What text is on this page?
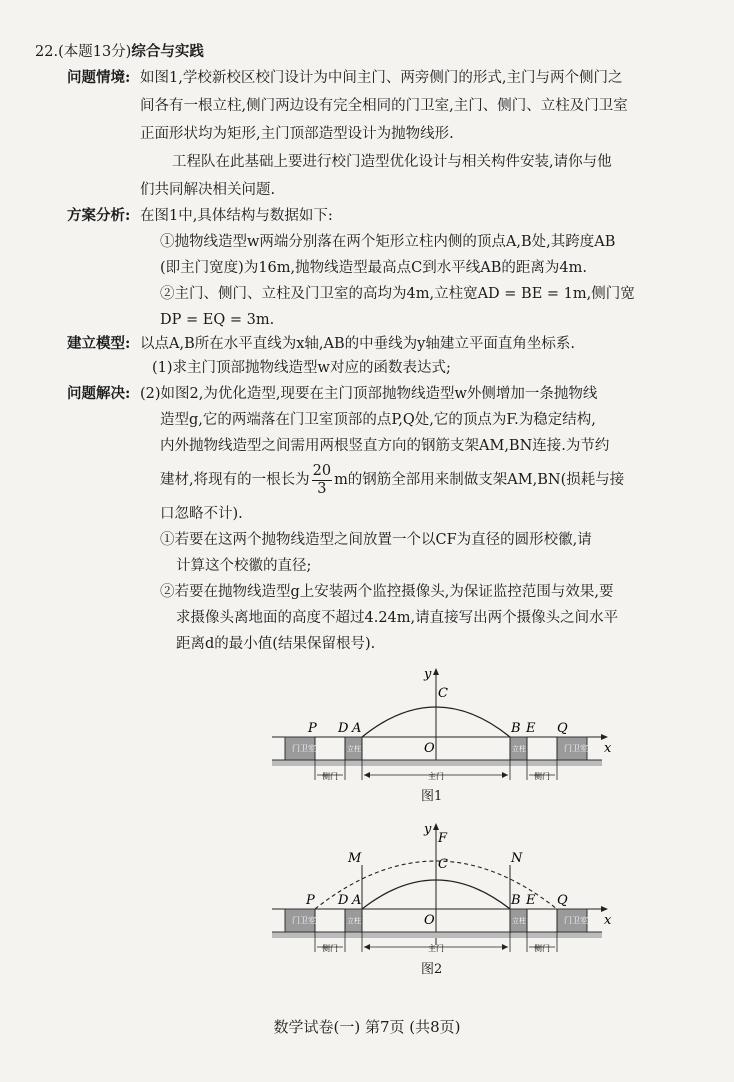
22.(本题13分)综合与实践
问题情境: 如图1,学校新校区校门设计为中间主门、两旁侧门的形式,主门与两个侧门之
间各有一根立柱,侧门两边设有完全相同的门卫室,主门、侧门、立柱及门卫室
正面形状均为矩形,主门顶部造型设计为抛物线形.
工程队在此基础上要进行校门造型优化设计与相关构件安装,请你与他
们共同解决相关问题.
方案分析: 在图1中,具体结构与数据如下:
①抛物线造型w两端分别落在两个矩形立柱内侧的顶点A,B处,其跨度AB
(即主门宽度)为16m,抛物线造型最高点C到水平线AB的距离为4m.
②主门、侧门、立柱及门卫室的高均为4m,立柱宽AD = BE = 1m,侧门宽
DP = EQ = 3m.
建立模型: 以点A,B所在水平直线为x轴,AB的中垂线为y轴建立平面直角坐标系.
(1)求主门顶部抛物线造型w对应的函数表达式;
问题解决: (2)如图2,为优化造型,现要在主门顶部抛物线造型w外侧增加一条抛物线
造型g,它的两端落在门卫室顶部的点P,Q处,它的顶点为F.为稳定结构,
内外抛物线造型之间需用两根竖直方向的钢筋支架AM,BN连接.为节约
建材,将现有的一根长为 $\frac{20}{3}$ m的钢筋全部用来制做支架AM,BN(损耗与接
口忽略不计).
①若要在这两个抛物线造型之间放置一个以CF为直径的圆形校徽,请
计算这个校徽的直径;
②若要在抛物线造型g上安装两个监控摄像头,为保证监控范围与效果,要
求摄像头离地面的高度不超过4.24m,请直接写出两个摄像头之间水平
距离d的最小值(结果保留根号).
P D A
C
O
B E Q
x
y
门卫室	门卫室
立柱	立柱
侧门	侧门
主门
图1
P D A
M
F
C
O
N
B E Q
x
y
门卫室	门卫室
立柱	立柱
侧门	侧门
主门
图2
数学试卷(一) 第7页 (共8页)
